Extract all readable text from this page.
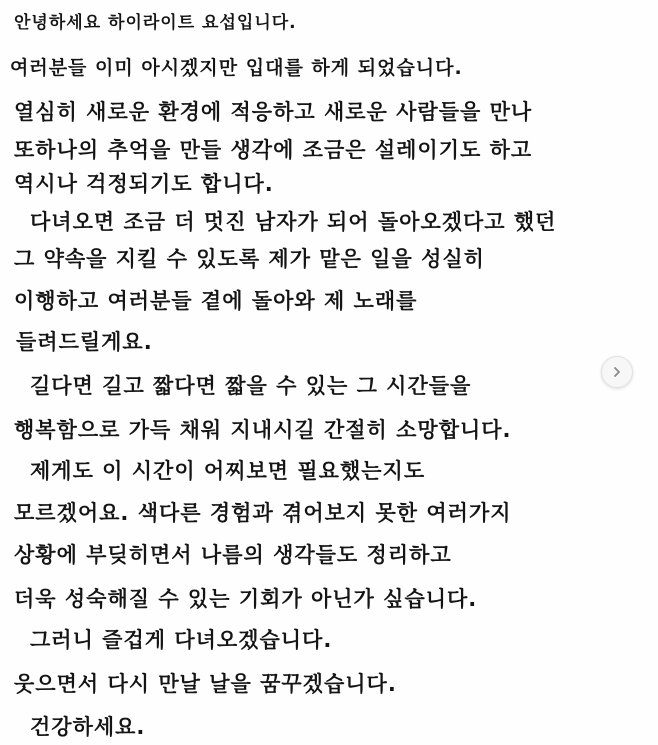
안녕하세요 하이라이트 요섭입니다.
여러분들 이미 아시겠지만 입대를 하게 되었습니다.
열심히 새로운 환경에 적응하고 새로운 사람들을 만나
또하나의 추억을 만들 생각에 조금은 설레이기도 하고
역시나 걱정되기도 합니다.
다녀오면 조금 더 멋진 남자가 되어 돌아오겠다고 했던
그 약속을 지킬 수 있도록 제가 맡은 일을 성실히
이행하고 여러분들 곁에 돌아와 제 노래를
들려드릴게요.
길다면 길고 짧다면 짧을 수 있는 그 시간들을
행복함으로 가득 채워 지내시길 간절히 소망합니다.
제게도 이 시간이 어찌보면 필요했는지도
모르겠어요. 색다른 경험과 겪어보지 못한 여러가지
상황에 부딪히면서 나름의 생각들도 정리하고
더욱 성숙해질 수 있는 기회가 아닌가 싶습니다.
그러니 즐겁게 다녀오겠습니다.
웃으면서 다시 만날 날을 꿈꾸겠습니다.
건강하세요.
